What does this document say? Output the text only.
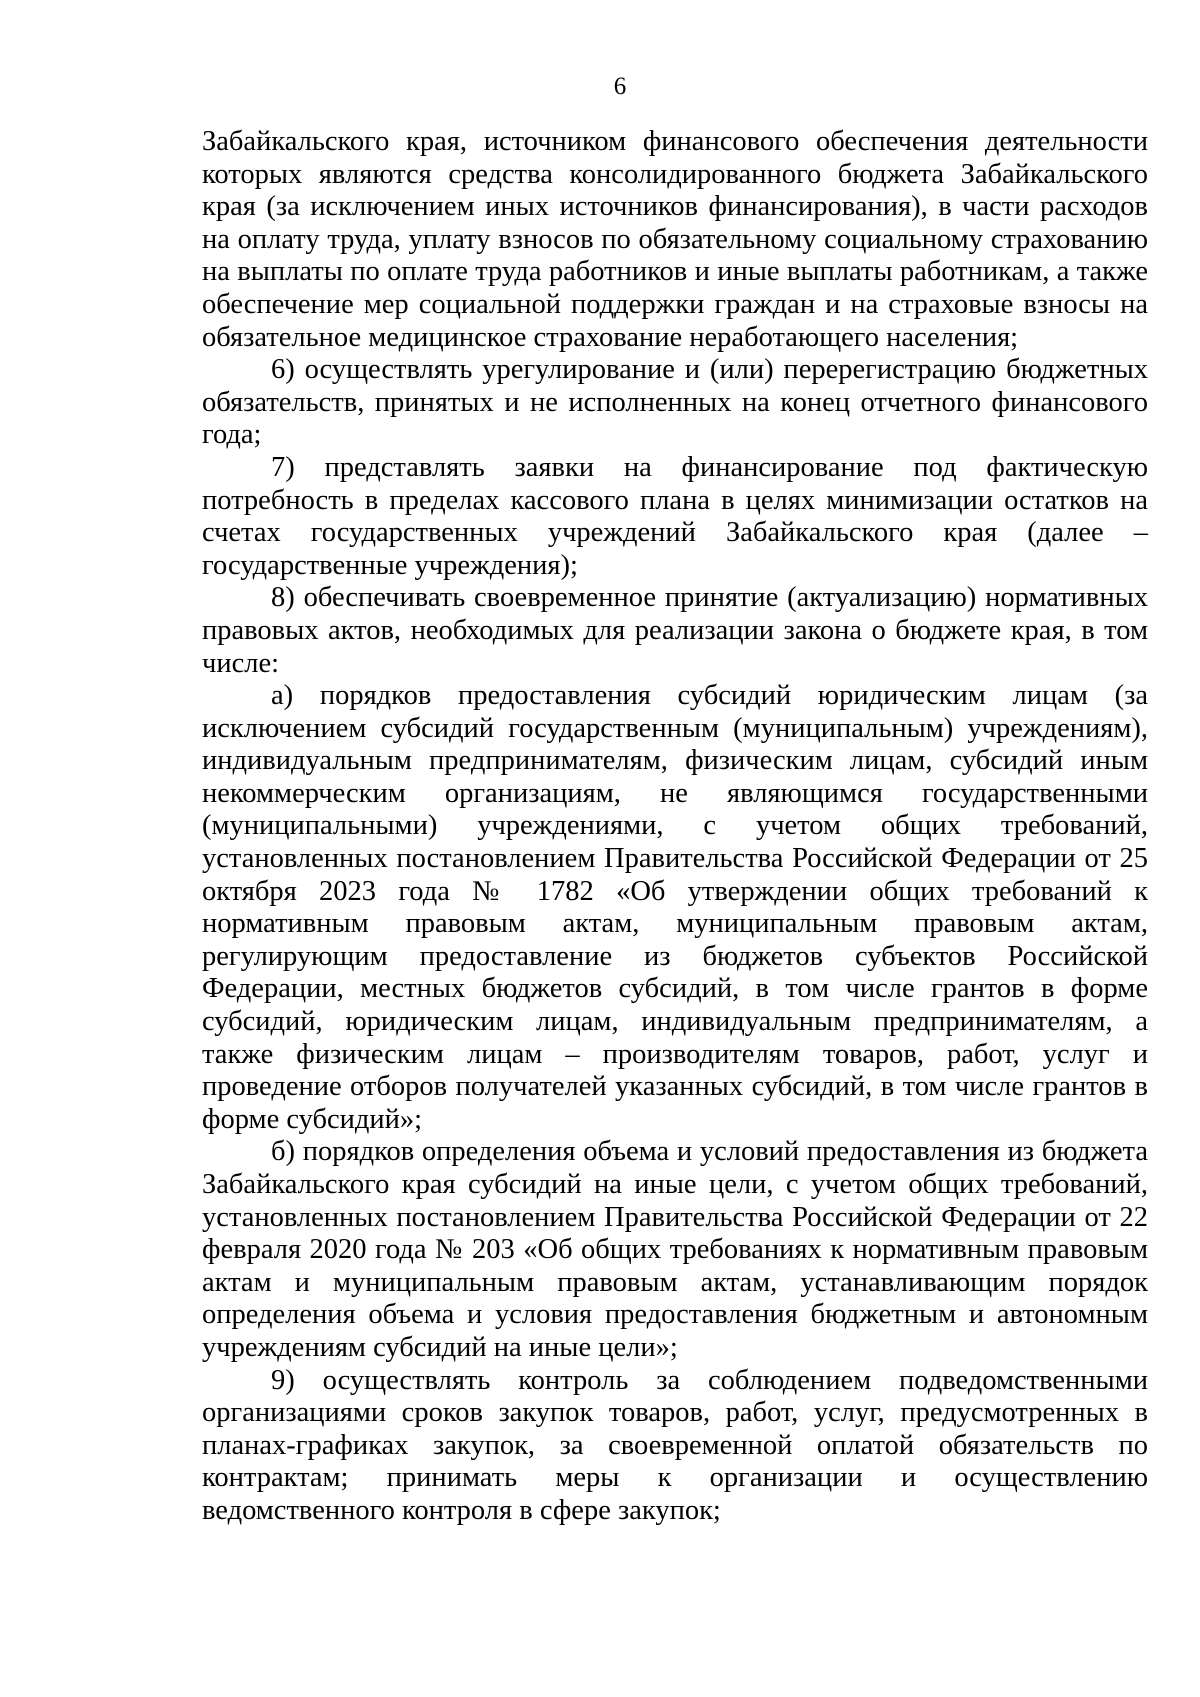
6

Забайкальского края, источником финансового обеспечения деятельности которых являются средства консолидированного бюджета Забайкальского края (за исключением иных источников финансирования), в части расходов на оплату труда, уплату взносов по обязательному социальному страхованию на выплаты по оплате труда работников и иные выплаты работникам, а также обеспечение мер социальной поддержки граждан и на страховые взносы на обязательное медицинское страхование неработающего населения;

6) осуществлять урегулирование и (или) перерегистрацию бюджетных обязательств, принятых и не исполненных на конец отчетного финансового года;

7) представлять заявки на финансирование под фактическую потребность в пределах кассового плана в целях минимизации остатков на счетах государственных учреждений Забайкальского края (далее – государственные учреждения);

8) обеспечивать своевременное принятие (актуализацию) нормативных правовых актов, необходимых для реализации закона о бюджете края, в том числе:

а) порядков предоставления субсидий юридическим лицам (за исключением субсидий государственным (муниципальным) учреждениям), индивидуальным предпринимателям, физическим лицам, субсидий иным некоммерческим организациям, не являющимся государственными (муниципальными) учреждениями, с учетом общих требований, установленных постановлением Правительства Российской Федерации от 25 октября 2023 года № 1782 «Об утверждении общих требований к нормативным правовым актам, муниципальным правовым актам, регулирующим предоставление из бюджетов субъектов Российской Федерации, местных бюджетов субсидий, в том числе грантов в форме субсидий, юридическим лицам, индивидуальным предпринимателям, а также физическим лицам – производителям товаров, работ, услуг и проведение отборов получателей указанных субсидий, в том числе грантов в форме субсидий»;

б) порядков определения объема и условий предоставления из бюджета Забайкальского края субсидий на иные цели, с учетом общих требований, установленных постановлением Правительства Российской Федерации от 22 февраля 2020 года № 203 «Об общих требованиях к нормативным правовым актам и муниципальным правовым актам, устанавливающим порядок определения объема и условия предоставления бюджетным и автономным учреждениям субсидий на иные цели»;

9) осуществлять контроль за соблюдением подведомственными организациями сроков закупок товаров, работ, услуг, предусмотренных в планах-графиках закупок, за своевременной оплатой обязательств по контрактам; принимать меры к организации и осуществлению ведомственного контроля в сфере закупок;
